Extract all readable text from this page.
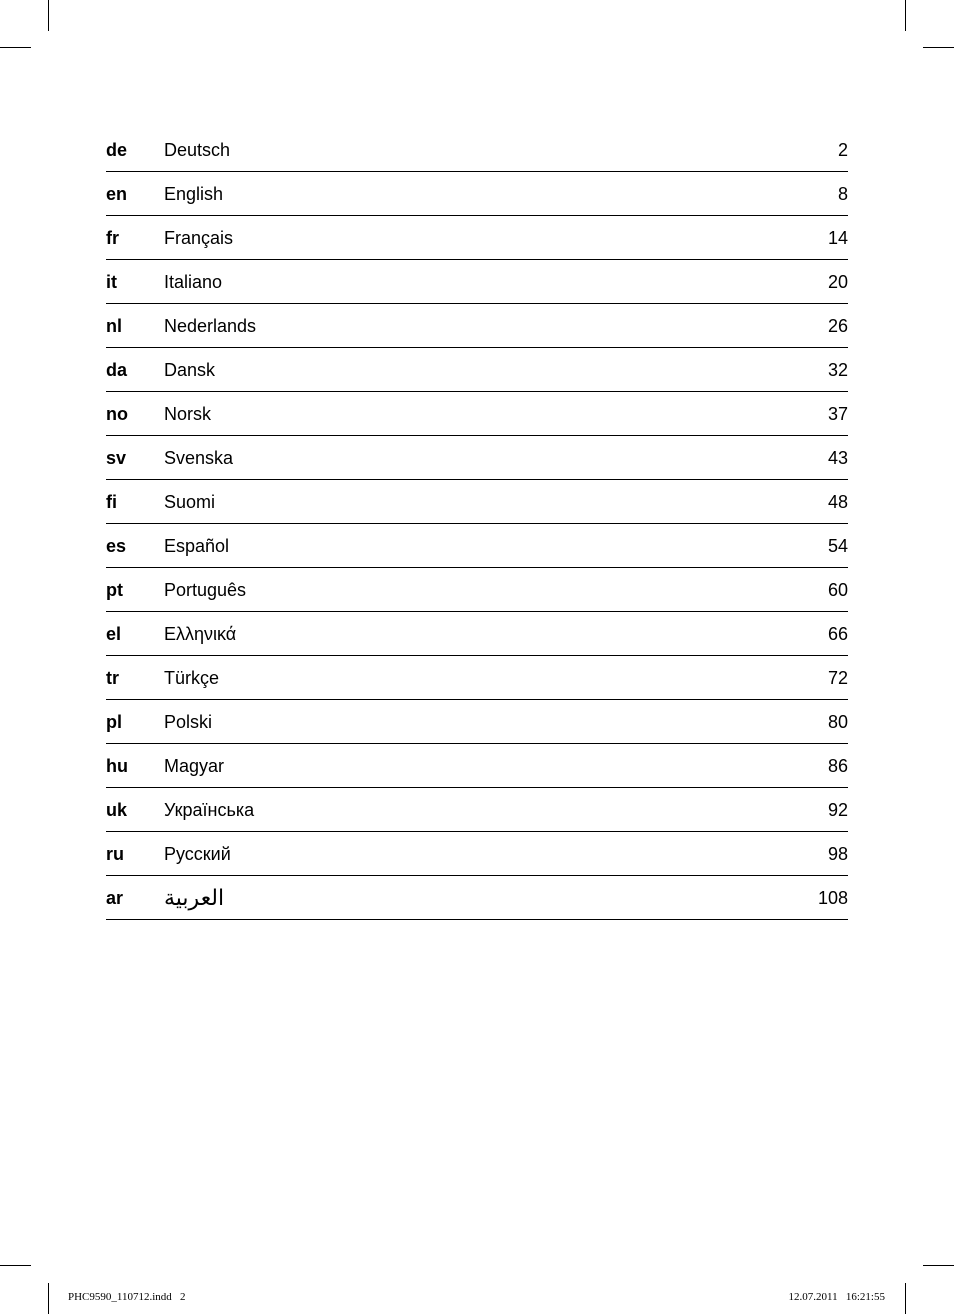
de	Deutsch	2
en	English	8
fr	Français	14
it	Italiano	20
nl	Nederlands	26
da	Dansk	32
no	Norsk	37
sv	Svenska	43
fi	Suomi	48
es	Español	54
pt	Português	60
el	Ελληνικά	66
tr	Türkçe	72
pl	Polski	80
hu	Magyar	86
uk	Українська	92
ru	Русский	98
ar	العربية	108
PHC9590_110712.indd   2	12.07.2011   16:21:55
